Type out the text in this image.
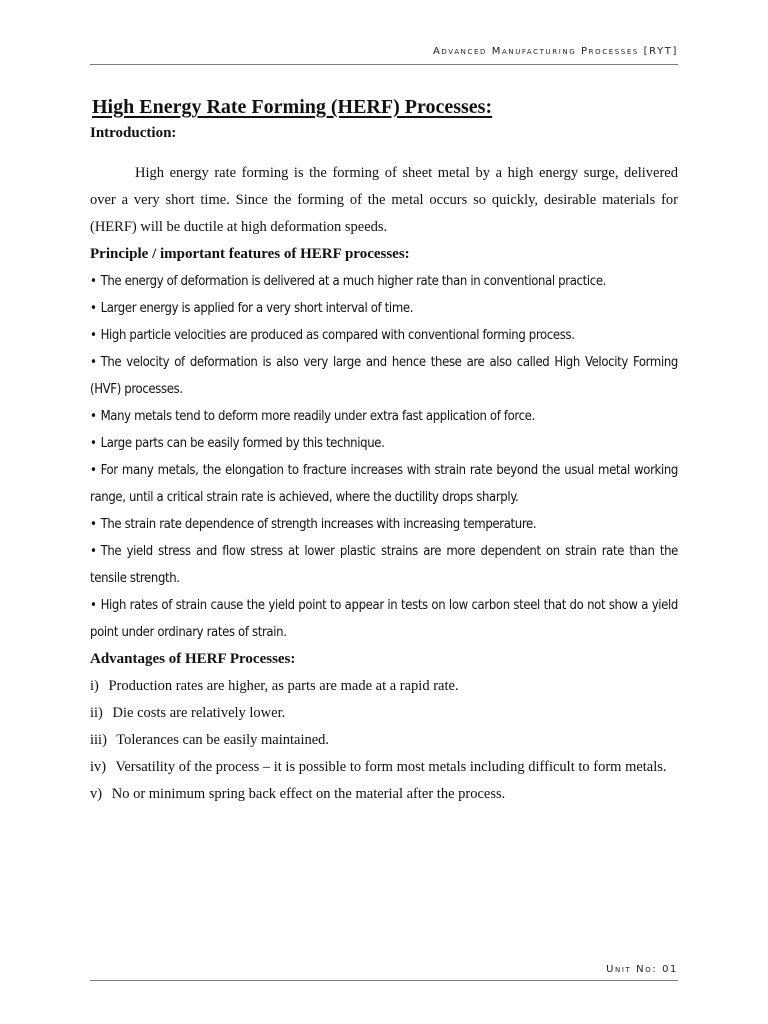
Advanced Manufacturing Processes [RYT]
High Energy Rate Forming (HERF) Processes:
Introduction:

High energy rate forming is the forming of sheet metal by a high energy surge, delivered over a very short time. Since the forming of the metal occurs so quickly, desirable materials for (HERF) will be ductile at high deformation speeds.

Principle / important features of HERF processes:
• The energy of deformation is delivered at a much higher rate than in conventional practice.
• Larger energy is applied for a very short interval of time.
• High particle velocities are produced as compared with conventional forming process.
• The velocity of deformation is also very large and hence these are also called High Velocity Forming (HVF) processes.
• Many metals tend to deform more readily under extra fast application of force.
• Large parts can be easily formed by this technique.
• For many metals, the elongation to fracture increases with strain rate beyond the usual metal working range, until a critical strain rate is achieved, where the ductility drops sharply.
• The strain rate dependence of strength increases with increasing temperature.
• The yield stress and flow stress at lower plastic strains are more dependent on strain rate than the tensile strength.
• High rates of strain cause the yield point to appear in tests on low carbon steel that do not show a yield point under ordinary rates of strain.
Advantages of HERF Processes:
i) Production rates are higher, as parts are made at a rapid rate.
ii) Die costs are relatively lower.
iii) Tolerances can be easily maintained.
iv) Versatility of the process – it is possible to form most metals including difficult to form metals.
v) No or minimum spring back effect on the material after the process.
Unit No: 01
